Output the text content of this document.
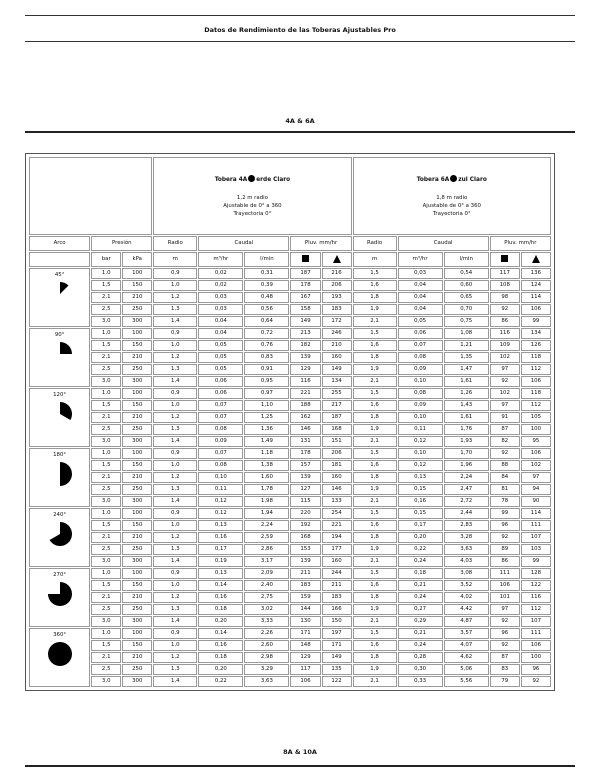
Datos de Rendimiento de las Toberas Ajustables Pro
4A & 6A

			Tobera 4A erde Claro
1,2 m radio
Ajustable de 0° a 360
Trayectoria 0°					Tobera 6A zul Claro
1,8 m radio
Ajustable de 0° a 360
Trayectoria 0°				

Arco	Presión		Radio	Caudal		Pluv. mm/hr		Radio	Caudal		Pluv. mm/hr	
	bar	kPa	m	m³/hr	l/min			m	m³/hr	l/min		

45°	1,0	100	0,9	0,02	0,31	187	216	1,5	0,03	0,54	117	136
	1,5	150	1,0	0,02	0,39	178	206	1,6	0,04	0,60	108	124
	2,1	210	1,2	0,03	0,48	167	193	1,8	0,04	0,65	98	114
	2,5	250	1,3	0,03	0,56	158	183	1,9	0,04	0,70	92	106
	3,0	300	1,4	0,04	0,64	149	172	2,1	0,05	0,75	86	99

90°	1,0	100	0,9	0,04	0,72	213	246	1,5	0,06	1,08	116	134
	1,5	150	1,0	0,05	0,76	182	210	1,6	0,07	1,21	109	126
	2,1	210	1,2	0,05	0,83	139	160	1,8	0,08	1,35	102	118
	2,5	250	1,3	0,05	0,91	129	149	1,9	0,09	1,47	97	112
	3,0	300	1,4	0,06	0,95	116	134	2,1	0,10	1,61	92	106

120°	1,0	100	0,9	0,06	0,97	221	255	1,5	0,08	1,26	102	118
	1,5	150	1,0	0,07	1,10	188	217	1,6	0,09	1,43	97	112
	2,1	210	1,2	0,07	1,25	162	187	1,8	0,10	1,61	91	105
	2,5	250	1,3	0,08	1,36	146	168	1,9	0,11	1,76	87	100
	3,0	300	1,4	0,09	1,49	131	151	2,1	0,12	1,93	82	95

180°	1,0	100	0,9	0,07	1,18	178	206	1,5	0,10	1,70	92	106
	1,5	150	1,0	0,08	1,38	157	181	1,6	0,12	1,96	88	102
	2,1	210	1,2	0,10	1,60	139	160	1,8	0,13	2,24	84	97
	2,5	250	1,3	0,11	1,78	127	146	1,9	0,15	2,47	81	94
	3,0	300	1,4	0,12	1,98	115	133	2,1	0,16	2,72	78	90

240°	1,0	100	0,9	0,12	1,94	220	254	1,5	0,15	2,44	99	114
	1,5	150	1,0	0,13	2,24	192	221	1,6	0,17	2,83	96	111
	2,1	210	1,2	0,16	2,59	168	194	1,8	0,20	3,28	92	107
	2,5	250	1,3	0,17	2,86	153	177	1,9	0,22	3,63	89	103
	3,0	300	1,4	0,19	3,17	139	160	2,1	0,24	4,03	86	99

270°	1,0	100	0,9	0,13	2,09	211	244	1,5	0,18	3,08	111	128
	1,5	150	1,0	0,14	2,40	183	211	1,6	0,21	3,52	106	122
	2,1	210	1,2	0,16	2,75	159	183	1,8	0,24	4,02	101	116
	2,5	250	1,3	0,18	3,02	144	166	1,9	0,27	4,42	97	112
	3,0	300	1,4	0,20	3,33	130	150	2,1	0,29	4,87	92	107

360°	1,0	100	0,9	0,14	2,26	171	197	1,5	0,21	3,57	96	111
	1,5	150	1,0	0,16	2,60	148	171	1,6	0,24	4,07	92	106
	2,1	210	1,2	0,18	2,98	129	149	1,8	0,28	4,62	87	100
	2,5	250	1,3	0,20	3,29	117	135	1,9	0,30	5,06	83	96
	3,0	300	1,4	0,22	3,63	106	122	2,1	0,33	5,56	79	92
8A & 10A
